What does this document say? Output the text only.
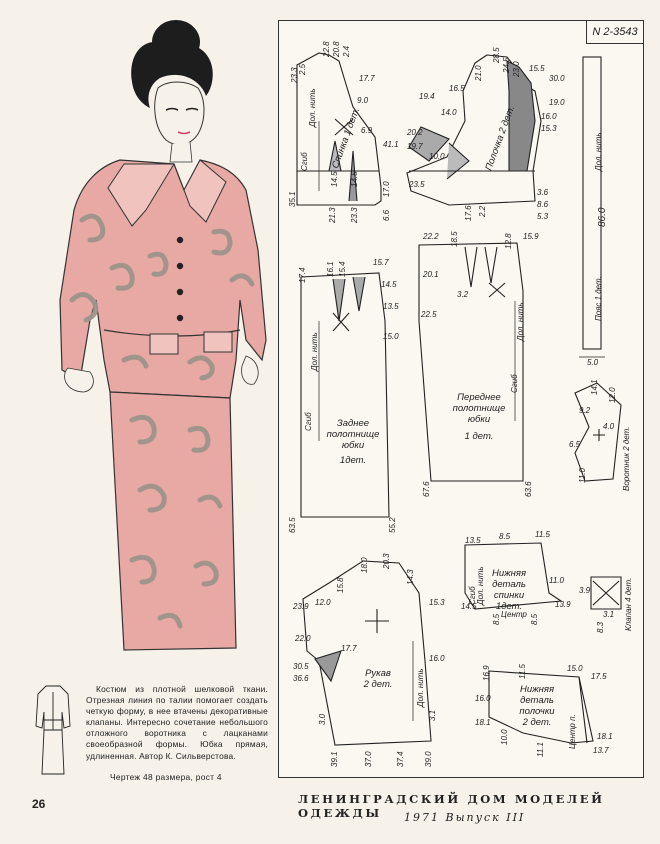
N 2-3543
Спинка 1 дет.
Полочка 2 дет.
Пояс 1 дет.
Дол. нить
86.0
5.0
Заднее полотнище юбки
1дет.
Переднее полотнище юбки
1 дет.
Воротник 2 дет.
Нижняя деталь спинки
1дет.	Клапан 4 дет.
Рукав
2 дет.	Нижняя деталь полочки
2 дет.
Сгиб
Дол. нить
Сгиб
Дол. нить
Сгиб
Дол. нить
Дол. нить
Сгиб Дол. нить
Центр
Центр п.
22.8 20.8 2.4
2.5
23.3	17.7
9.0
6.9
14.5 14.5
41.1
21.3 23.3
17.0
35.1
6.6
28.5
24.5 23.0
21.0
19.4
16.5
14.0
30.0
19.0
16.0
15.5
20.2
19.7
15.3
23.5
17.6 2.2
3.6
8.6
5.3
10.0
17.4 16.1 15.4	15.7
14.5
13.5
15.0
63.5	55.2
22.2 18.5	12.8 15.9
3.2
20.1
22.5
67.6	63.6
14.1
12.0
6.5
4.0
9.2
11.0
8.5	11.5
13.5
11.0
13.9
14.5
8.5	8.5
3.9
3.1
8.3
18.0 20.3
14.3
15.8
12.0
23.9
22.0
17.7
15.3
16.0
3.0	3.1
39.1	37.0	37.4 39.0
30.5
36.6	16.9	11.5	15.0
17.5
16.0
18.1
18.1
11.1
10.0
13.7
Костюм из плотной шелковой ткани. Отрезная линия по талии помогает создать четкую форму, в нее втачены декоративные клапаны. Интересно сочетание небольшого отложного воротника с лацканами своеобразной формы. Юбка прямая, удлиненная. Автор К. Сильверстова.
Чертеж 48 размера, рост 4
26	ЛЕНИНГРАДСКИЙ ДОМ МОДЕЛЕЙ ОДЕЖДЫ	1971 Выпуск III
